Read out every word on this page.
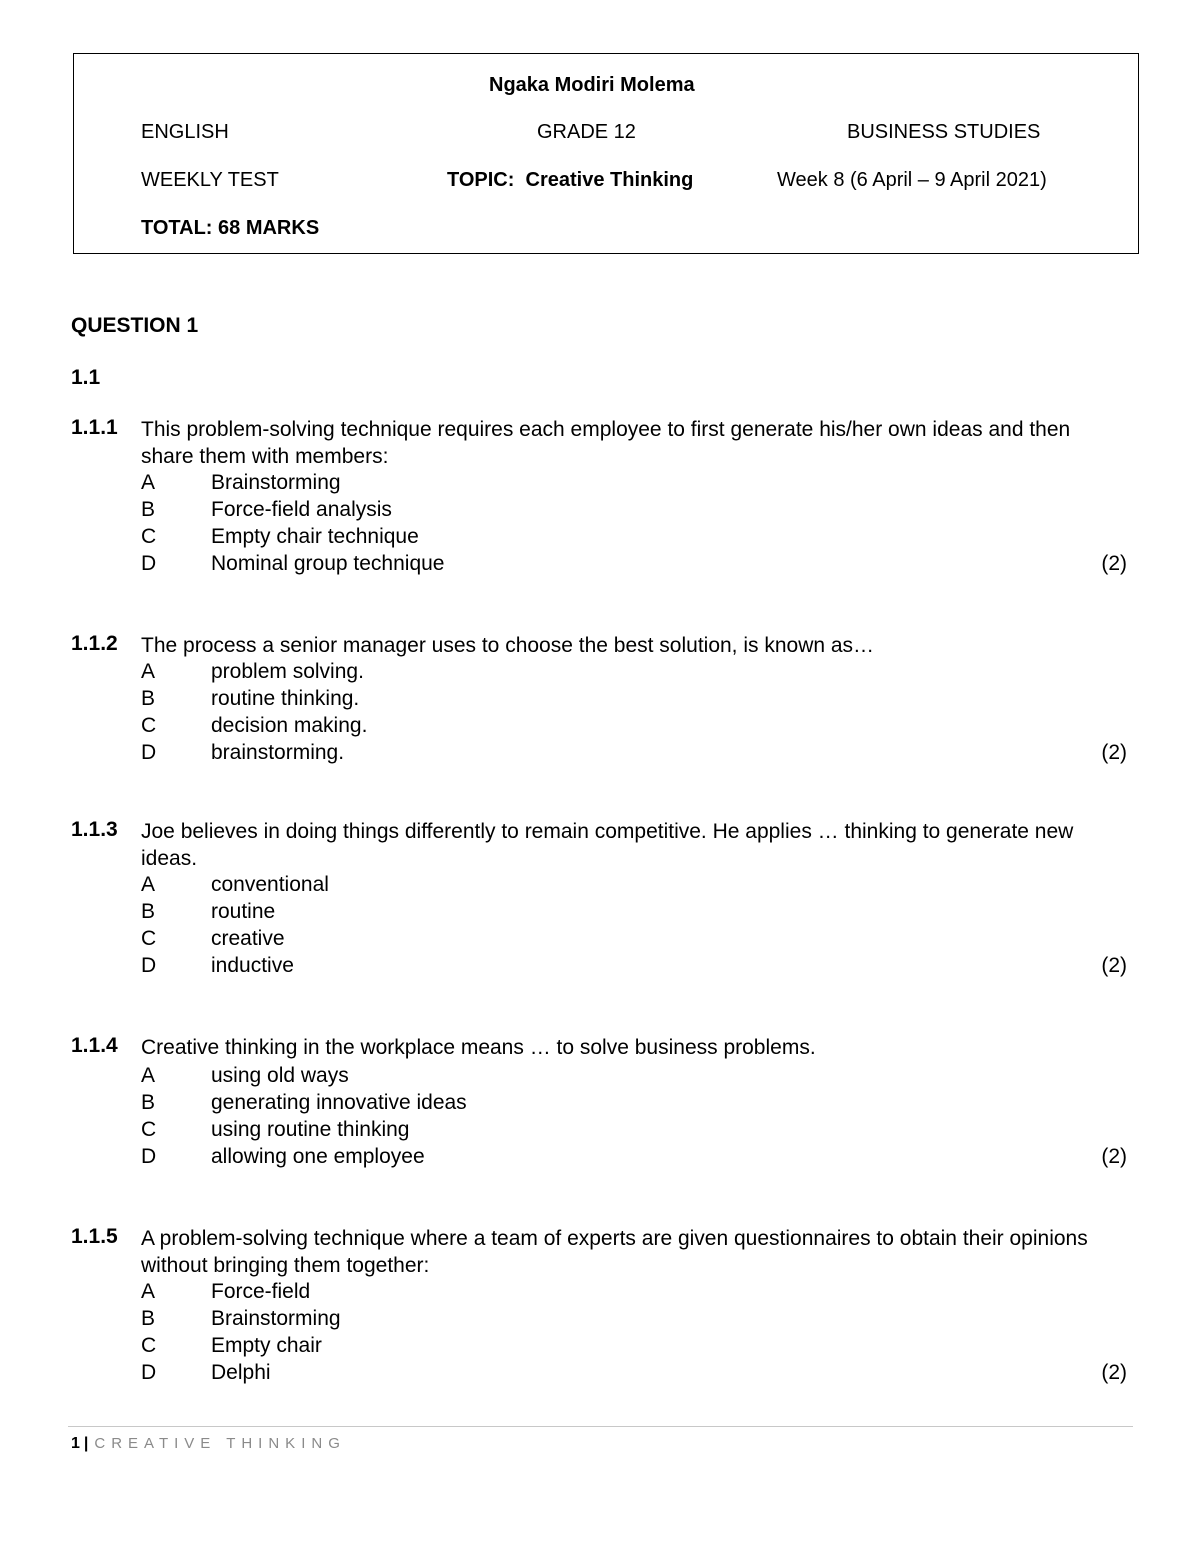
Ngaka Modiri Molema
ENGLISH	GRADE 12	BUSINESS STUDIES
WEEKLY TEST	TOPIC: Creative Thinking	Week 8 (6 April – 9 April 2021)
TOTAL: 68 MARKS
QUESTION 1
1.1
1.1.1 This problem-solving technique requires each employee to first generate his/her own ideas and then share them with members:
A	Brainstorming
B	Force-field analysis
C	Empty chair technique
D	Nominal group technique	(2)
1.1.2 The process a senior manager uses to choose the best solution, is known as…
A	problem solving.
B	routine thinking.
C	decision making.
D	brainstorming.	(2)
1.1.3 Joe believes in doing things differently to remain competitive. He applies … thinking to generate new ideas.
A	conventional
B	routine
C	creative
D	inductive	(2)
1.1.4 Creative thinking in the workplace means … to solve business problems.
A	using old ways
B	generating innovative ideas
C	using routine thinking
D	allowing one employee	(2)
1.1.5 A problem-solving technique where a team of experts are given questionnaires to obtain their opinions without bringing them together:
A	Force-field
B	Brainstorming
C	Empty chair
D	Delphi	(2)
1 | CREATIVE THINKING
